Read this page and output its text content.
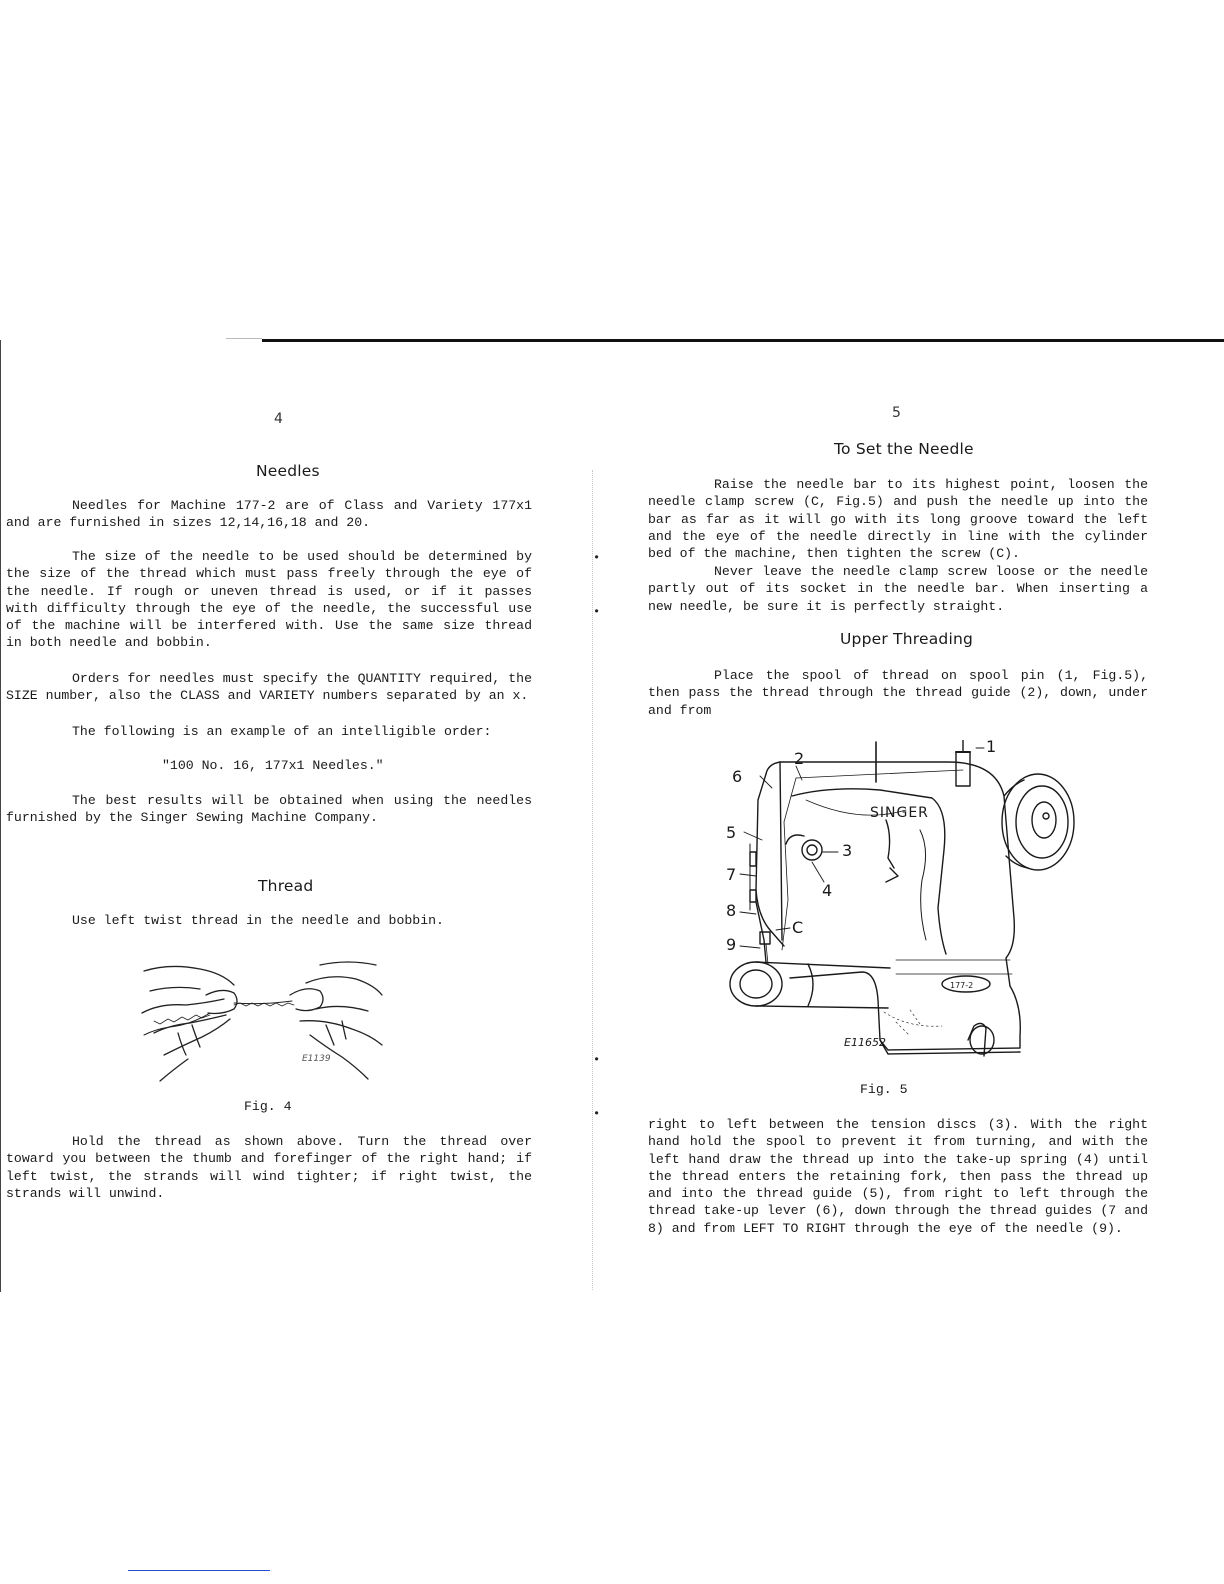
•
•
•
•
4
Needles

Needles for Machine 177-2 are of Class and Variety 177x1 and are furnished in sizes 12,14,16,18 and 20.

The size of the needle to be used should be determined by the size of the thread which must pass freely through the eye of the needle. If rough or uneven thread is used, or if it passes with difficulty through the eye of the needle, the successful use of the machine will be interfered with. Use the same size thread in both needle and bobbin.

Orders for needles must specify the QUANTITY required, the SIZE number, also the CLASS and VARIETY numbers separated by an x.

The following is an example of an intelligible order:

"100 No. 16, 177x1 Needles."

The best results will be obtained when using the needles furnished by the Singer Sewing Machine Company.

Thread

Use left twist thread in the needle and bobbin.

E1139
Fig. 4

Hold the thread as shown above. Turn the thread over toward you between the thumb and forefinger of the right hand; if left twist, the strands will wind tighter; if right twist, the strands will unwind.

5
To Set the Needle

Raise the needle bar to its highest point, loosen the needle clamp screw (C, Fig.5) and push the needle up into the bar as far as it will go with its long groove toward the left and the eye of the needle directly in line with the cylinder bed of the machine, then tighten the screw (C).

Never leave the needle clamp screw loose or the needle partly out of its socket in the needle bar. When inserting a new needle, be sure it is perfectly straight.

Upper Threading

Place the spool of thread on spool pin (1, Fig.5), then pass the thread through the thread guide (2), down, under and from

1
2
3
4
5
6
7
8
9
C
SINGER
177-2
E11652
Fig. 5

right to left between the tension discs (3). With the right hand hold the spool to prevent it from turning, and with the left hand draw the thread up into the take-up spring (4) until the thread enters the retaining fork, then pass the thread up and into the thread guide (5), from right to left through the thread take-up lever (6), down through the thread guides (7 and 8) and from LEFT TO RIGHT through the eye of the needle (9).
